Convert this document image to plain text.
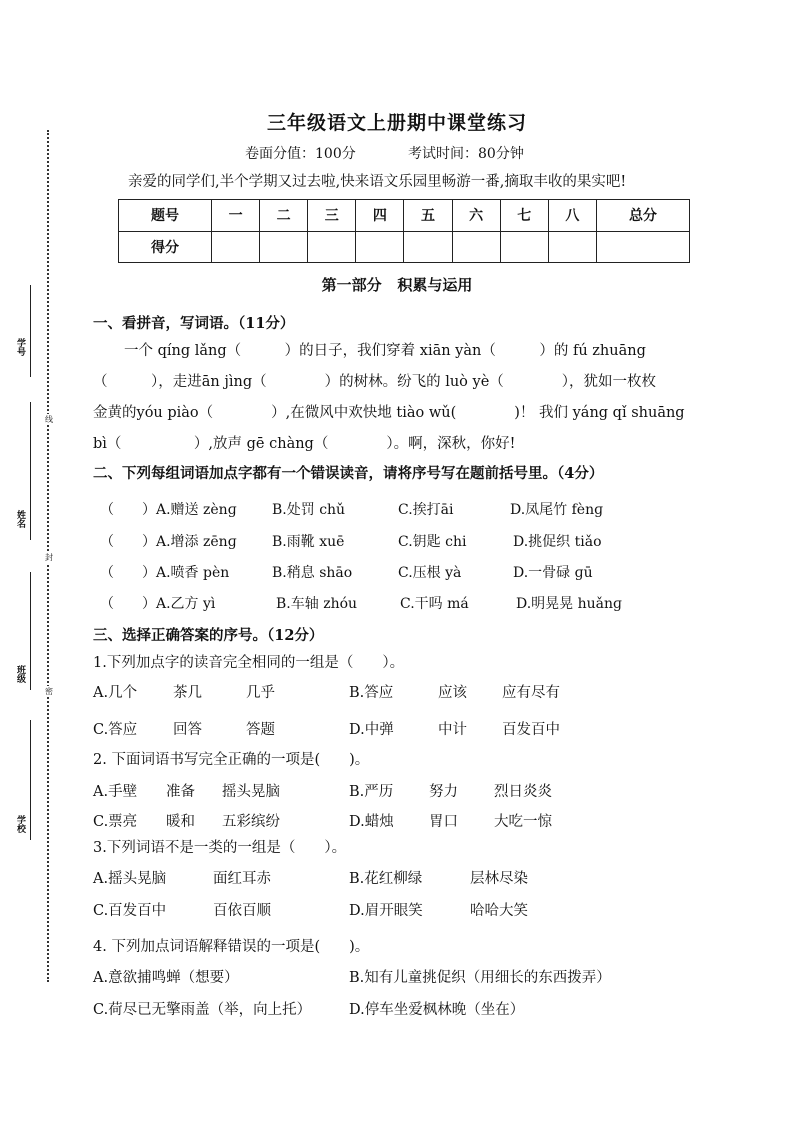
学号
姓名
班级
学校
线
封
密
三年级语文上册期中课堂练习
卷面分值：100分	考试时间：80分钟
亲爱的同学们,半个学期又过去啦,快来语文乐园里畅游一番,摘取丰收的果实吧!
题号	一	二	三	四	五	六	七	八	总分
得分									
第一部分   积累与运用
一、看拼音，写词语。（11分）
一个 qíng lǎng（　　　）的日子，我们穿着 xiān yàn（　　　）的 fú zhuāng
（　　　），走进ān jìng（　　　　）的树林。纷飞的 luò yè（　　　　），犹如一枚枚
金黄的yóu piào（　　　　）,在微风中欢快地 tiào wǔ(　　　　)！ 我们 yáng qǐ shuāng
bì（　　　　　）,放声 gē chàng（　　　　）。啊，深秋，你好!
二、下列每组词语加点字都有一个错误读音，请将序号写在题前括号里。（4分）
（　　）A.赠送 zènɡ	B.处罚 chǔ	C.挨打āi	D.凤尾竹 fènɡ
（　　）A.增添 zēnɡ	B.雨靴 xuē	C.钥匙 chi	D.挑促织 tiǎo
（　　）A.喷香 pèn	B.稍息 shāo	C.压根 yà	D.一骨碌 ɡū
（　　）A.乙方 yì	B.车轴 zhóu	C.干吗 má	D.明晃晃 huǎnɡ
三、选择正确答案的序号。（12分）
1.下列加点字的读音完全相同的一组是（　　）。
A.几个 茶几	几乎	B.答应	应该 应有尽有
C.答应 回答	答题	D.中弹	中计 百发百中
2. 下面词语书写完全正确的一项是(　　)。
A.手壁 准备 摇头晃脑	B.严历 努力 烈日炎炎
C.票亮 暖和 五彩缤纷	D.蜡烛 胃口 大吃一惊
3.下列词语不是一类的一组是（　　）。
A.摇头晃脑	面红耳赤	B.花红柳绿	层林尽染
C.百发百中	百依百顺	D.眉开眼笑	哈哈大笑
4. 下列加点词语解释错误的一项是(　　)。
A.意欲捕鸣蝉（想要）	B.知有儿童挑促织（用细长的东西拨弄）
C.荷尽已无擎雨盖（举，向上托）	D.停车坐爱枫林晚（坐在）
